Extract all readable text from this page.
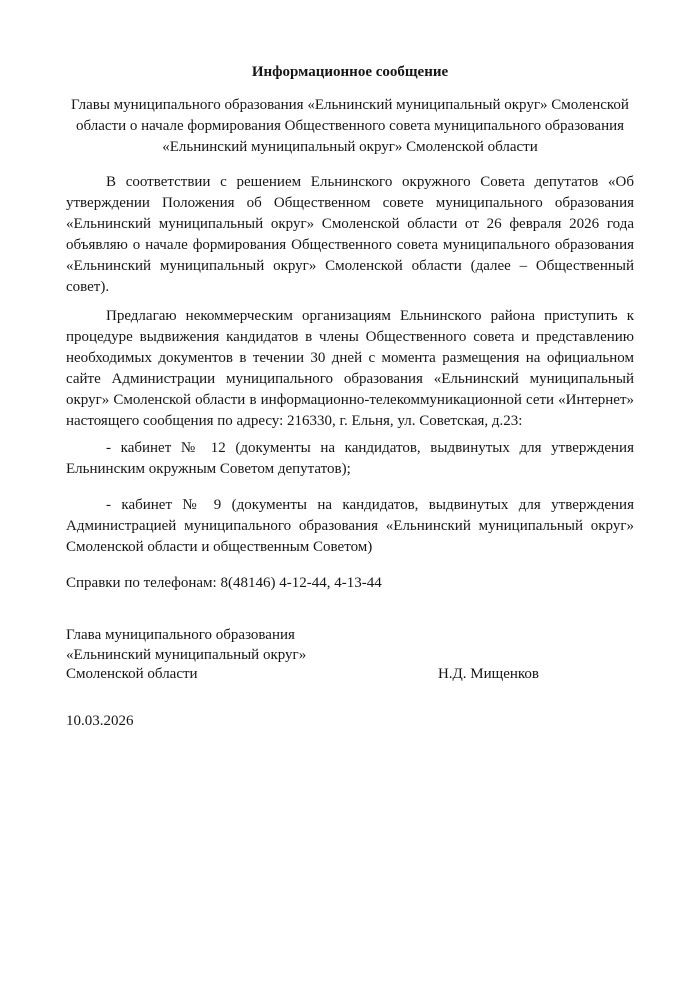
Информационное сообщение
Главы муниципального образования «Ельнинский муниципальный округ» Смоленской области о начале формирования Общественного совета муниципального образования «Ельнинский муниципальный округ» Смоленской области

В соответствии с решением Ельнинского окружного Совета депутатов «Об утверждении Положения об Общественном совете муниципального образования «Ельнинский муниципальный округ» Смоленской области от 26 февраля 2026 года объявляю о начале формирования Общественного совета муниципального образования «Ельнинский муниципальный округ» Смоленской области (далее – Общественный совет).

Предлагаю некоммерческим организациям Ельнинского района приступить к процедуре выдвижения кандидатов в члены Общественного совета и представлению необходимых документов в течении 30 дней с момента размещения на официальном сайте Администрации муниципального образования «Ельнинский муниципальный округ» Смоленской области в информационно-телекоммуникационной сети «Интернет» настоящего сообщения по адресу: 216330, г. Ельня, ул. Советская, д.23:

- кабинет № 12 (документы на кандидатов, выдвинутых для утверждения Ельнинским окружным Советом депутатов);

- кабинет № 9 (документы на кандидатов, выдвинутых для утверждения Администрацией муниципального образования «Ельнинский муниципальный округ» Смоленской области и общественным Советом)

Справки по телефонам: 8(48146) 4-12-44, 4-13-44

Глава муниципального образования
«Ельнинский муниципальный округ»
Смоленской области	Н.Д. Мищенков
10.03.2026
